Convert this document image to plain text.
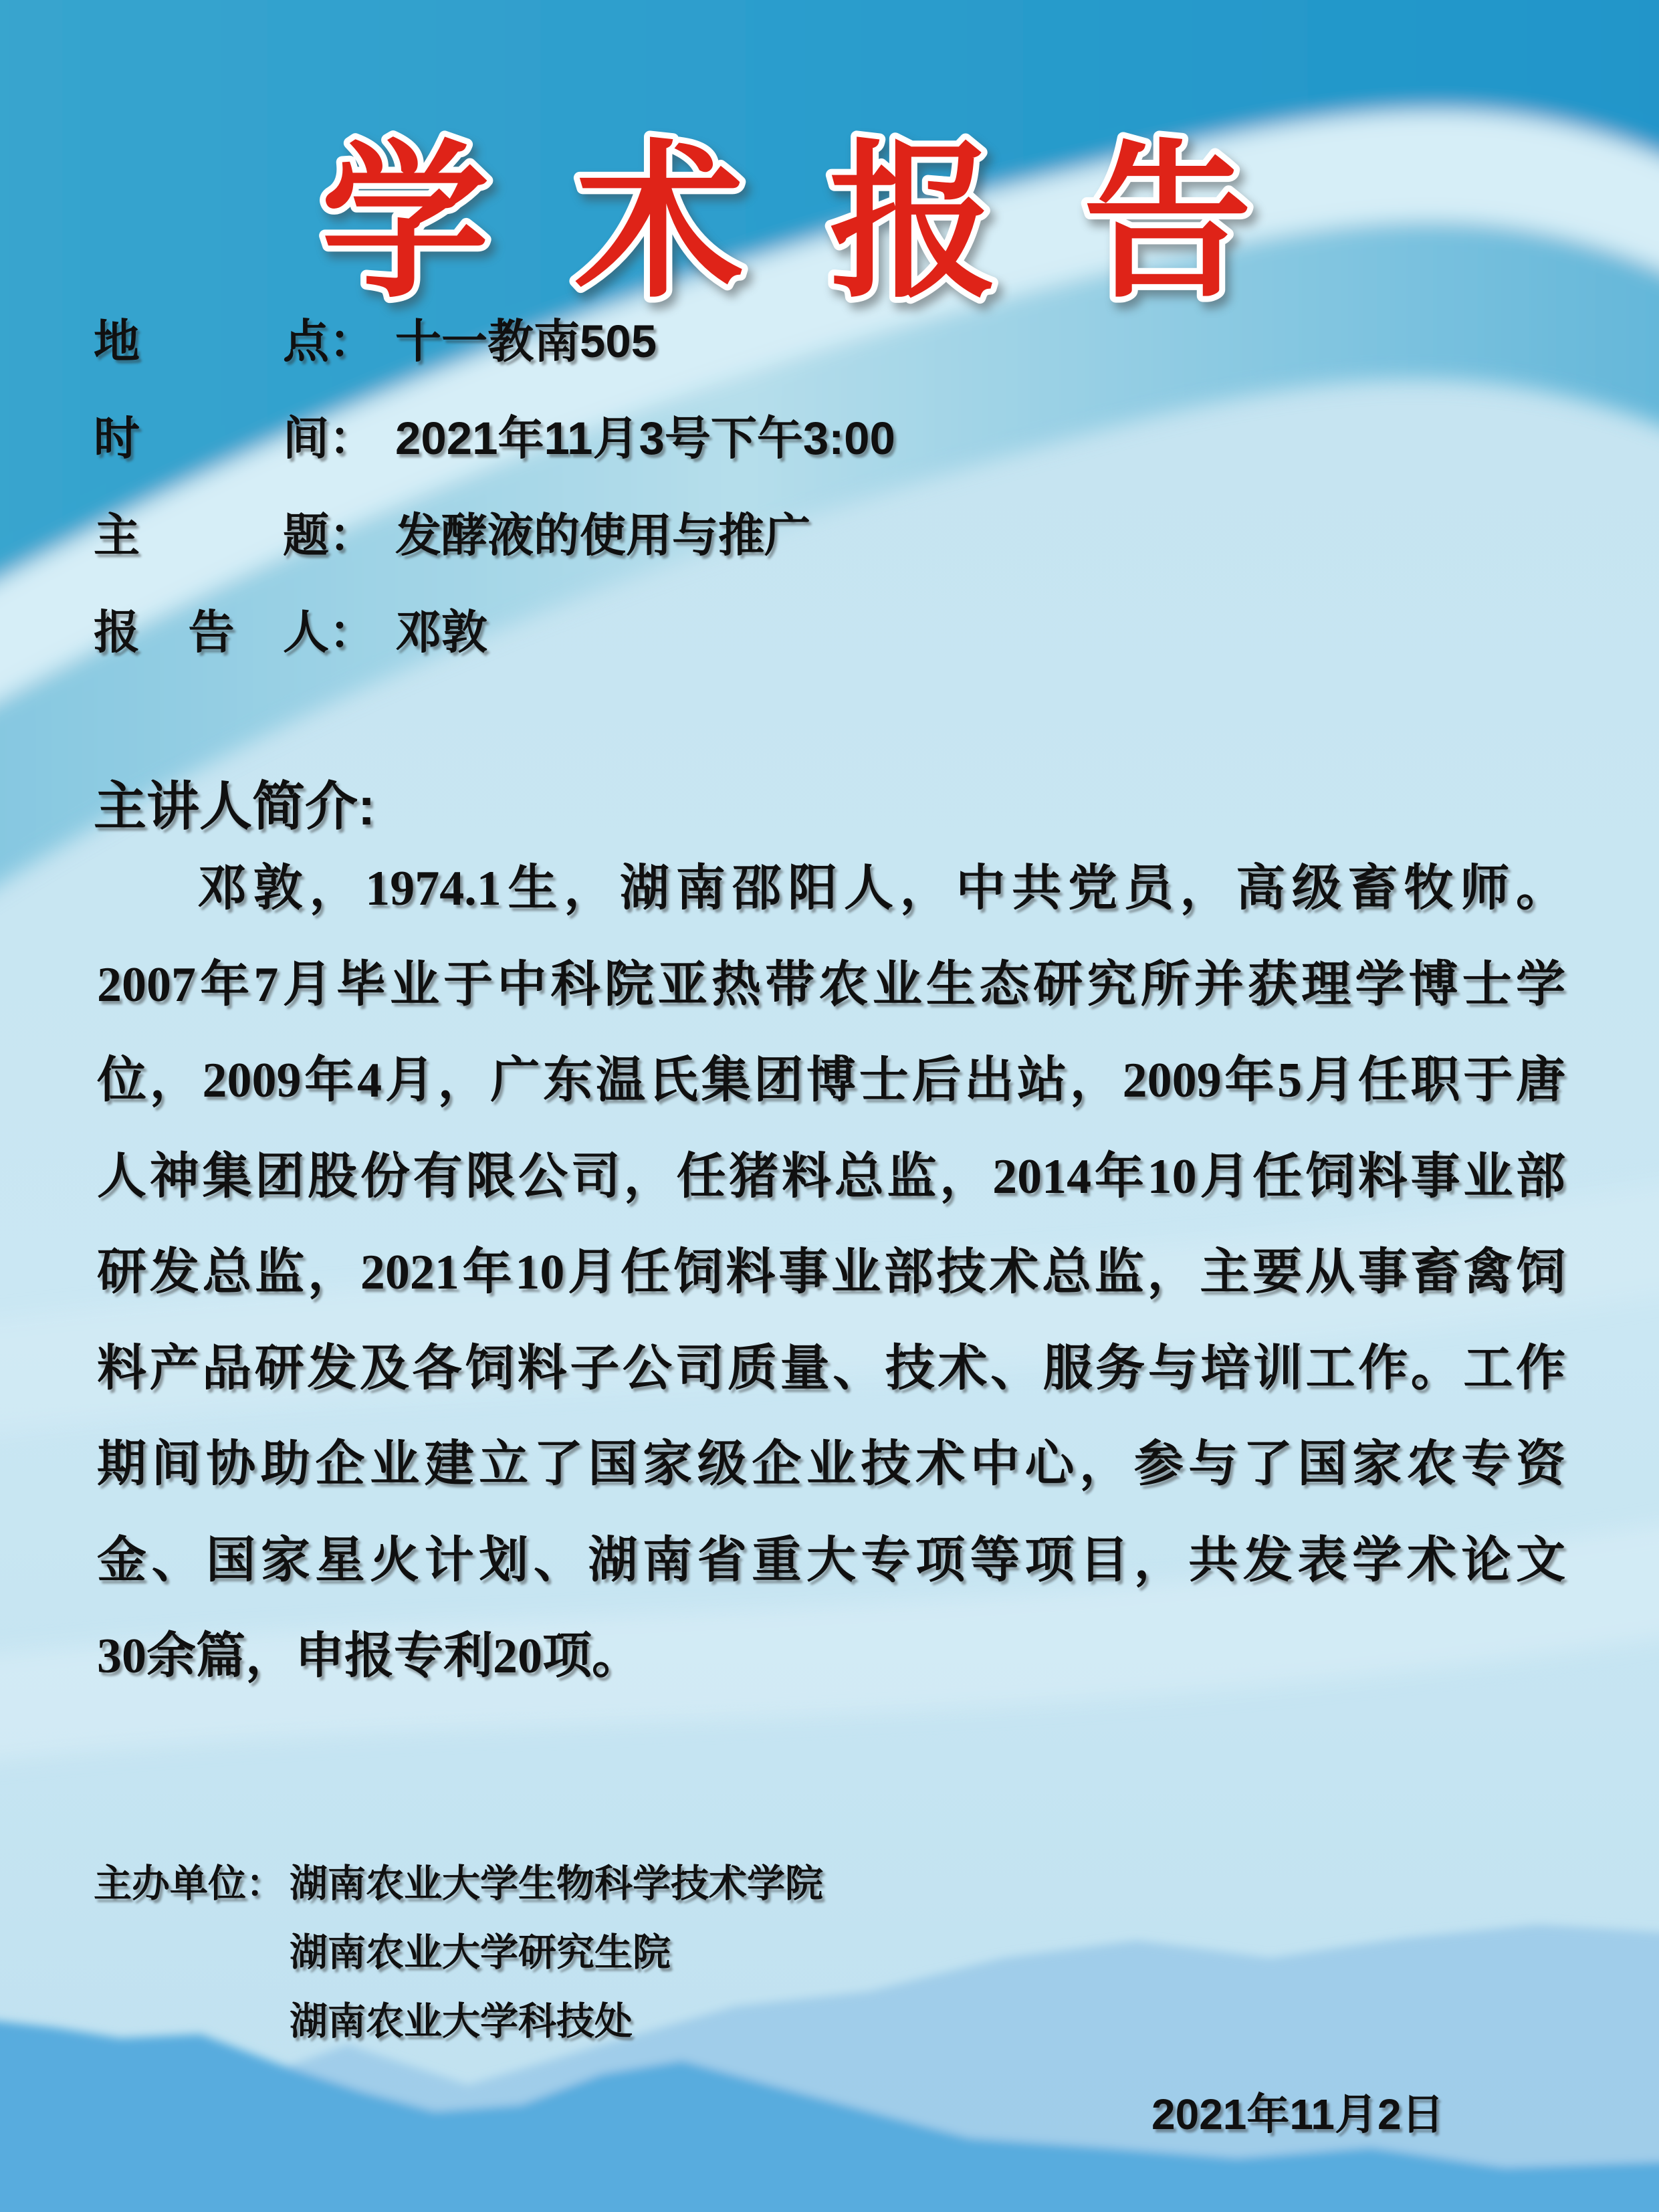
学术报告
地点： 十一教南505
时间： 2021年11月3号下午3:00
主题： 发酵液的使用与推广
报告人： 邓敦
主讲人简介:
邓敦，1974.1生，湖南邵阳人，中共党员，高级畜牧师。
2007年7月毕业于中科院亚热带农业生态研究所并获理学博士学
位，2009年4月，广东温氏集团博士后出站，2009年5月任职于唐
人神集团股份有限公司，任猪料总监，2014年10月任饲料事业部
研发总监，2021年10月任饲料事业部技术总监，主要从事畜禽饲
料产品研发及各饲料子公司质量、技术、服务与培训工作。工作
期间协助企业建立了国家级企业技术中心，参与了国家农专资
金、国家星火计划、湖南省重大专项等项目，共发表学术论文
30余篇，申报专利20项。
主办单位： 湖南农业大学生物科学技术学院
湖南农业大学研究生院
湖南农业大学科技处
2021年11月2日
